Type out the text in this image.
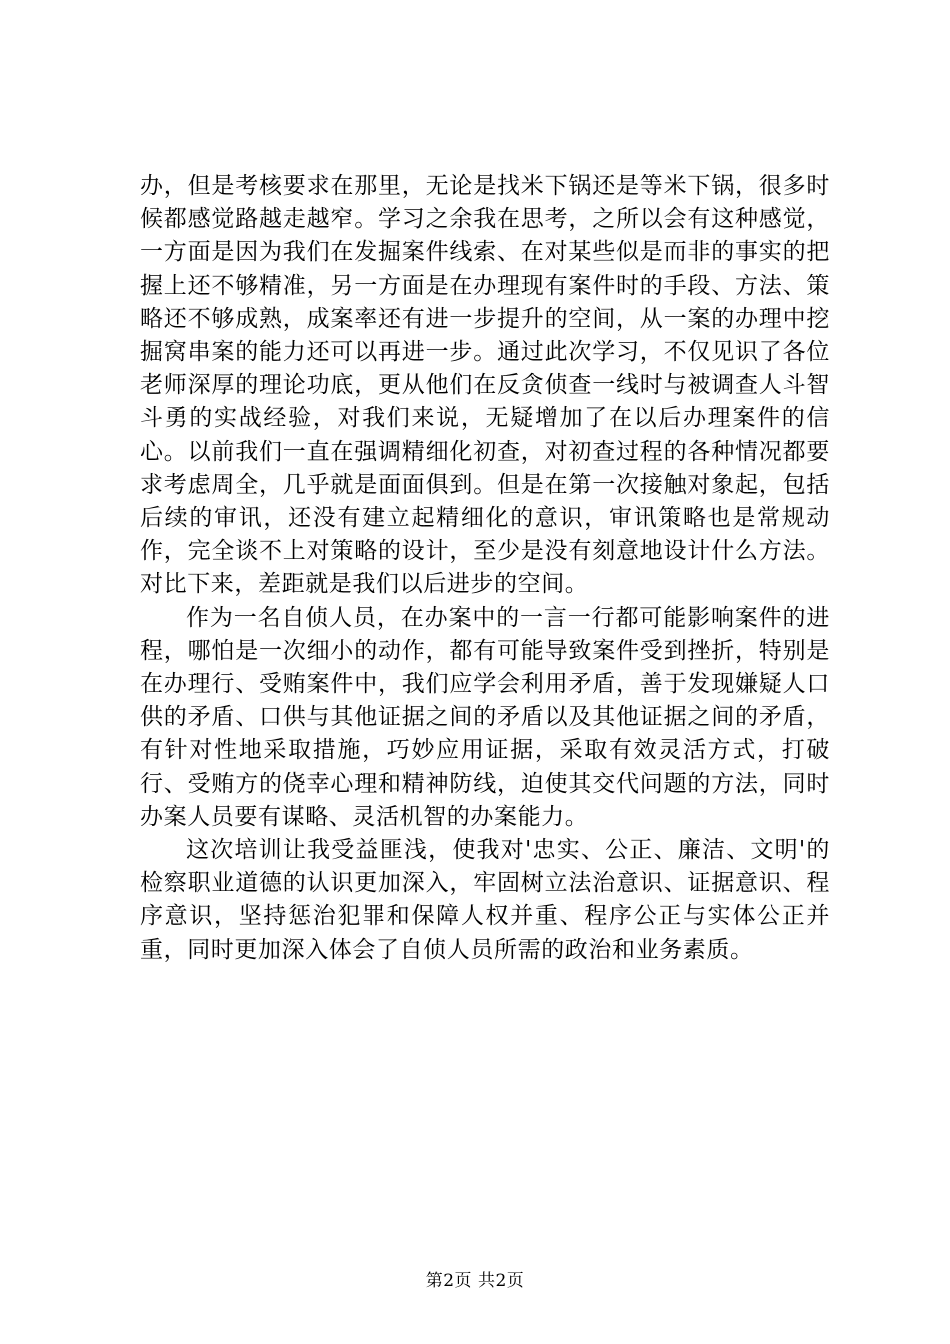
办，但是考核要求在那里，无论是找米下锅还是等米下锅，很多时候都感觉路越走越窄。学习之余我在思考，之所以会有这种感觉，一方面是因为我们在发掘案件线索、在对某些似是而非的事实的把握上还不够精准，另一方面是在办理现有案件时的手段、方法、策略还不够成熟，成案率还有进一步提升的空间，从一案的办理中挖掘窝串案的能力还可以再进一步。通过此次学习，不仅见识了各位老师深厚的理论功底，更从他们在反贪侦查一线时与被调查人斗智斗勇的实战经验，对我们来说，无疑增加了在以后办理案件的信心。以前我们一直在强调精细化初查，对初查过程的各种情况都要求考虑周全，几乎就是面面俱到。但是在第一次接触对象起，包括后续的审讯，还没有建立起精细化的意识，审讯策略也是常规动作，完全谈不上对策略的设计，至少是没有刻意地设计什么方法。对比下来，差距就是我们以后进步的空间。

作为一名自侦人员，在办案中的一言一行都可能影响案件的进程，哪怕是一次细小的动作，都有可能导致案件受到挫折，特别是在办理行、受贿案件中，我们应学会利用矛盾，善于发现嫌疑人口供的矛盾、口供与其他证据之间的矛盾以及其他证据之间的矛盾，有针对性地采取措施，巧妙应用证据，采取有效灵活方式，打破行、受贿方的侥幸心理和精神防线，迫使其交代问题的方法，同时办案人员要有谋略、灵活机智的办案能力。

这次培训让我受益匪浅，使我对'忠实、公正、廉洁、文明'的检察职业道德的认识更加深入，牢固树立法治意识、证据意识、程序意识，坚持惩治犯罪和保障人权并重、程序公正与实体公正并重，同时更加深入体会了自侦人员所需的政治和业务素质。

第2页 共2页
